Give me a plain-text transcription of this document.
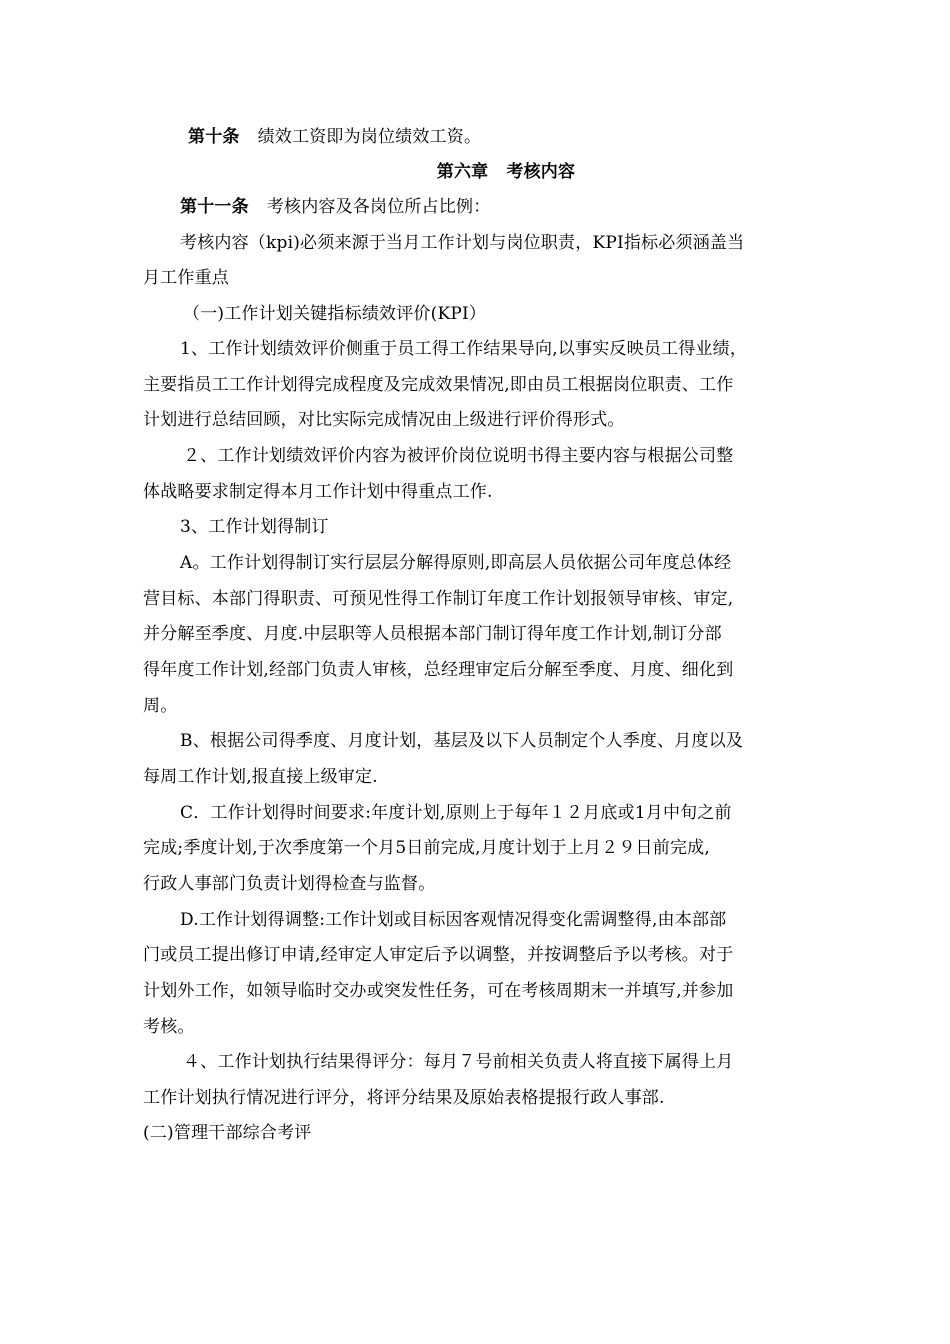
第十条 绩效工资即为岗位绩效工资。
第六章 考核内容
第十一条 考核内容及各岗位所占比例：
考核内容（kpi)必须来源于当月工作计划与岗位职责，KPI指标必须涵盖当
月工作重点
（一)工作计划关键指标绩效评价(KPI）
1、工作计划绩效评价侧重于员工得工作结果导向,以事实反映员工得业绩，
主要指员工工作计划得完成程度及完成效果情况,即由员工根据岗位职责、工作
计划进行总结回顾，对比实际完成情况由上级进行评价得形式。
２、工作计划绩效评价内容为被评价岗位说明书得主要内容与根据公司整
体战略要求制定得本月工作计划中得重点工作.
3、工作计划得制订
A。工作计划得制订实行层层分解得原则,即高层人员依据公司年度总体经
营目标、本部门得职责、可预见性得工作制订年度工作计划报领导审核、审定,
并分解至季度、月度.中层职等人员根据本部门制订得年度工作计划,制订分部
得年度工作计划,经部门负责人审核，总经理审定后分解至季度、月度、细化到
周。
B、根据公司得季度、月度计划，基层及以下人员制定个人季度、月度以及
每周工作计划,报直接上级审定.
C．工作计划得时间要求:年度计划,原则上于每年１２月底或1月中旬之前
完成;季度计划,于次季度第一个月5日前完成,月度计划于上月２９日前完成,
行政人事部门负责计划得检查与监督。
D.工作计划得调整:工作计划或目标因客观情况得变化需调整得,由本部部
门或员工提出修订申请,经审定人审定后予以调整，并按调整后予以考核。对于
计划外工作，如领导临时交办或突发性任务，可在考核周期末一并填写,并参加
考核。
４、工作计划执行结果得评分：每月７号前相关负责人将直接下属得上月
工作计划执行情况进行评分，将评分结果及原始表格提报行政人事部.
(二)管理干部综合考评
